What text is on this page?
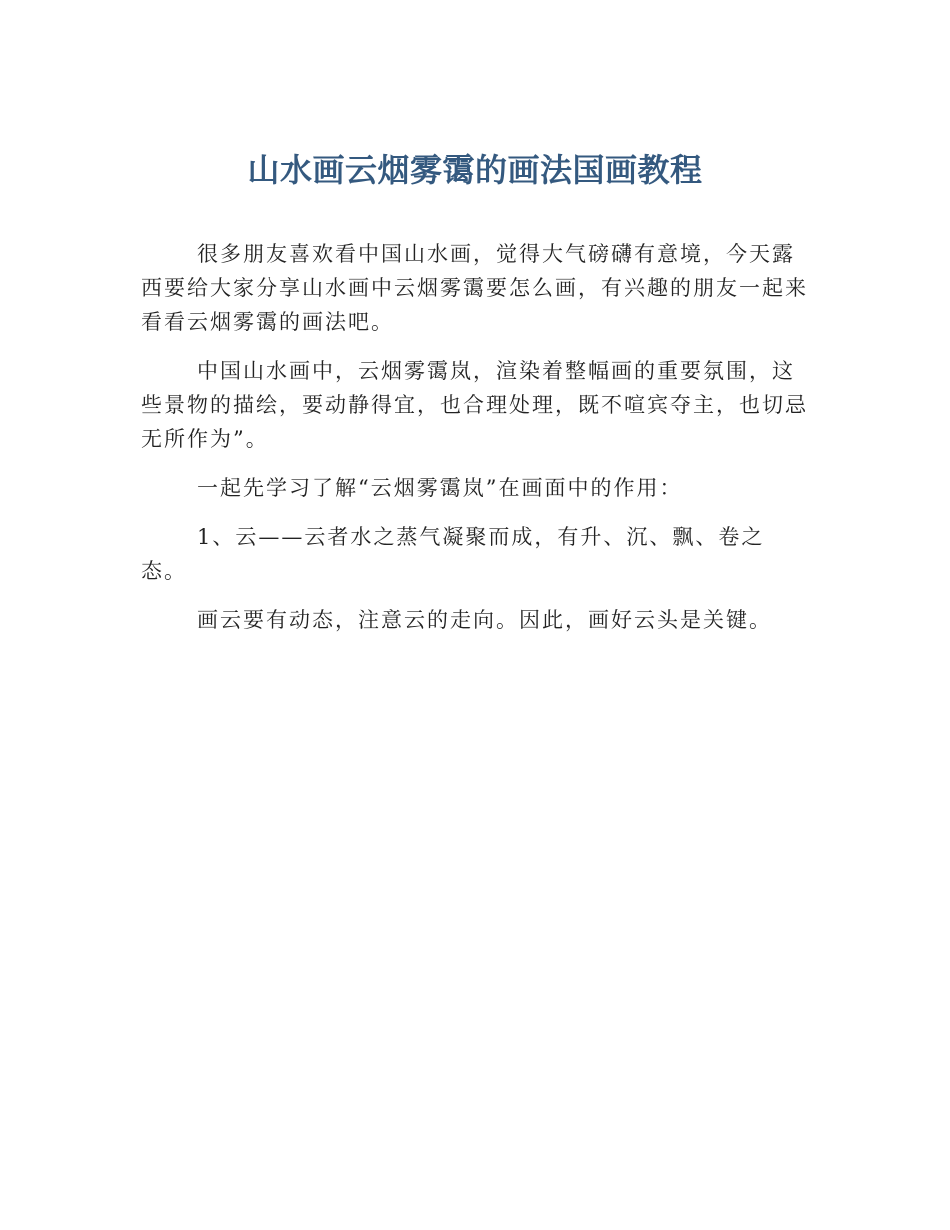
山水画云烟雾霭的画法国画教程

很多朋友喜欢看中国山水画，觉得大气磅礴有意境，今天露西要给大家分享山水画中云烟雾霭要怎么画，有兴趣的朋友一起来看看云烟雾霭的画法吧。

中国山水画中，云烟雾霭岚，渲染着整幅画的重要氛围，这些景物的描绘，要动静得宜，也合理处理，既不喧宾夺主，也切忌无所作为”。

一起先学习了解“云烟雾霭岚”在画面中的作用：

1、云——云者水之蒸气凝聚而成，有升、沉、飘、卷之态。

画云要有动态，注意云的走向。因此，画好云头是关键。
